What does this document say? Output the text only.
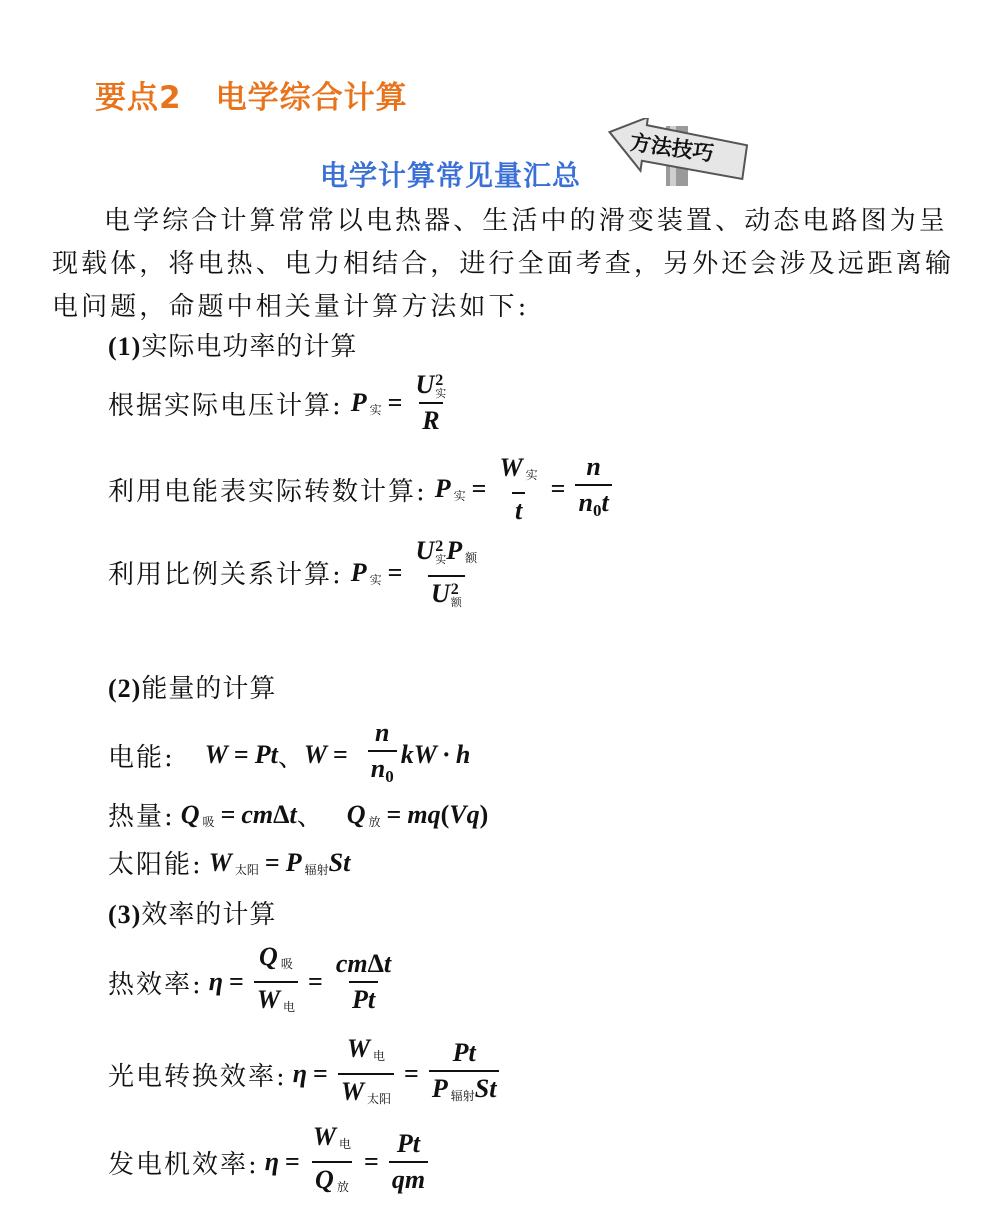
要点2 电学综合计算
电学计算常见量汇总
方法技巧
电学综合计算常常以电热器、生活中的滑变装置、动态电路图为呈现载体，将电热、电力相结合，进行全面考查，另外还会涉及远距离输电问题，命题中相关量计算方法如下:
(1)实际电功率的计算
根据实际电压计算: P $_实$ = U 2
实
R
利用电能表实际转数计算: P $_实 = \frac{W _实}{t} = \frac{n}{n0t}$
利用比例关系计算: P $_实$ = U 2
实 P $_额$
U 2
额
(2)能量的计算
电能: W = Pt 、 $W = \frac{n}{n0}$ kW · h
热量: Q $_吸$ = cmΔt 、 Q $_放$ = mq(Vq)
太阳能: W $_{太阳}$ = P $_{辐射}$St
(3)效率的计算
热效率: $\eta = \frac{Q _吸}{W _电} = \frac{\text{cmΔt}}{Pt}$
光电转换效率: $\eta = \frac{W _电}{W _{太阳}} = \frac{Pt}{P _{辐射}St}$
发电机效率: $\eta = \frac{W _电}{Q _放} = \frac{Pt}{qm}$
